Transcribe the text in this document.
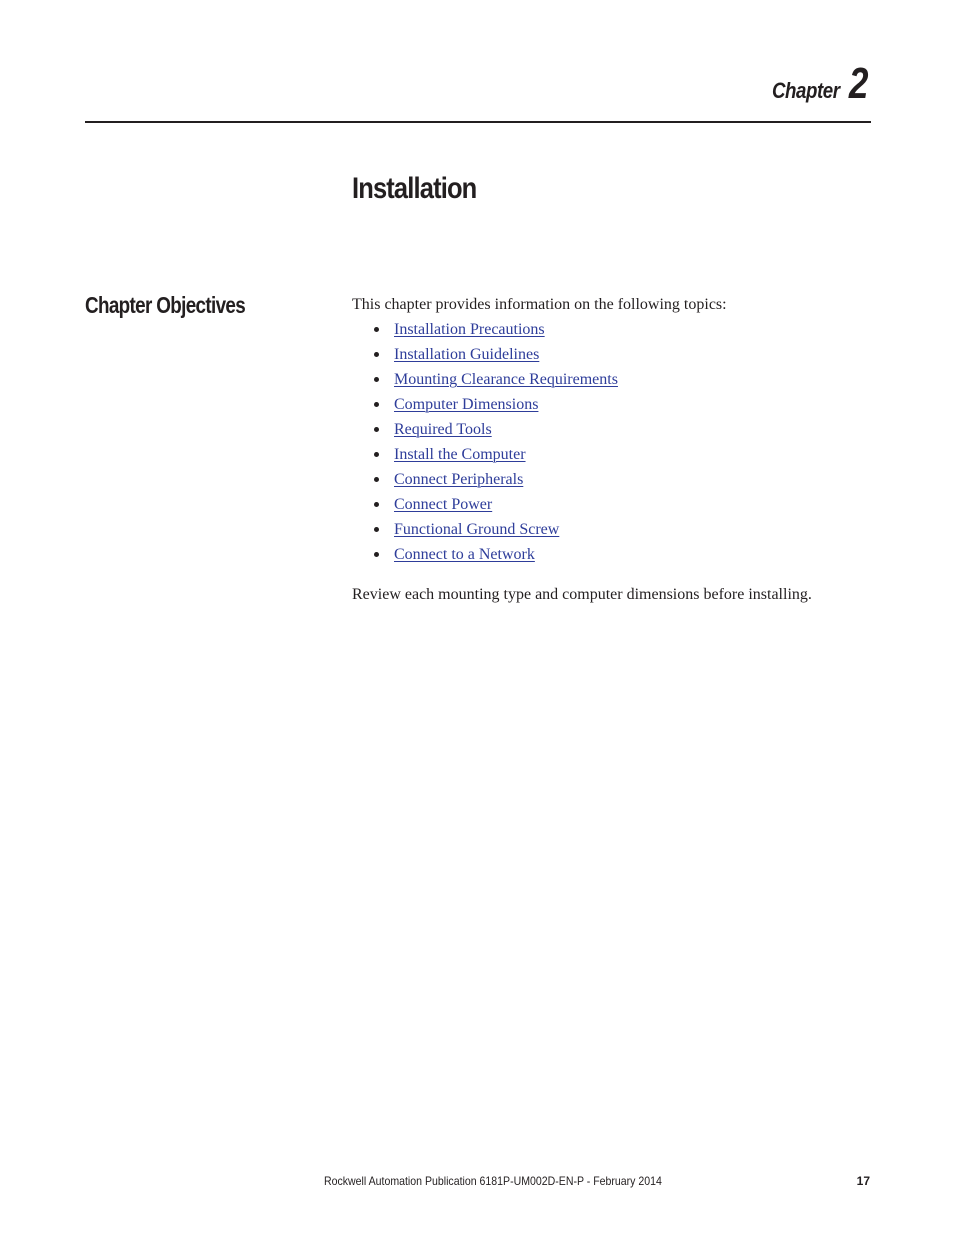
Chapter 2
Installation
Chapter Objectives	This chapter provides information on the following topics:

Installation Precautions
Installation Guidelines
Mounting Clearance Requirements
Computer Dimensions
Required Tools
Install the Computer
Connect Peripherals
Connect Power
Functional Ground Screw
Connect to a Network

Review each mounting type and computer dimensions before installing.

Rockwell Automation Publication 6181P-UM002D-EN-P - February 2014	17
